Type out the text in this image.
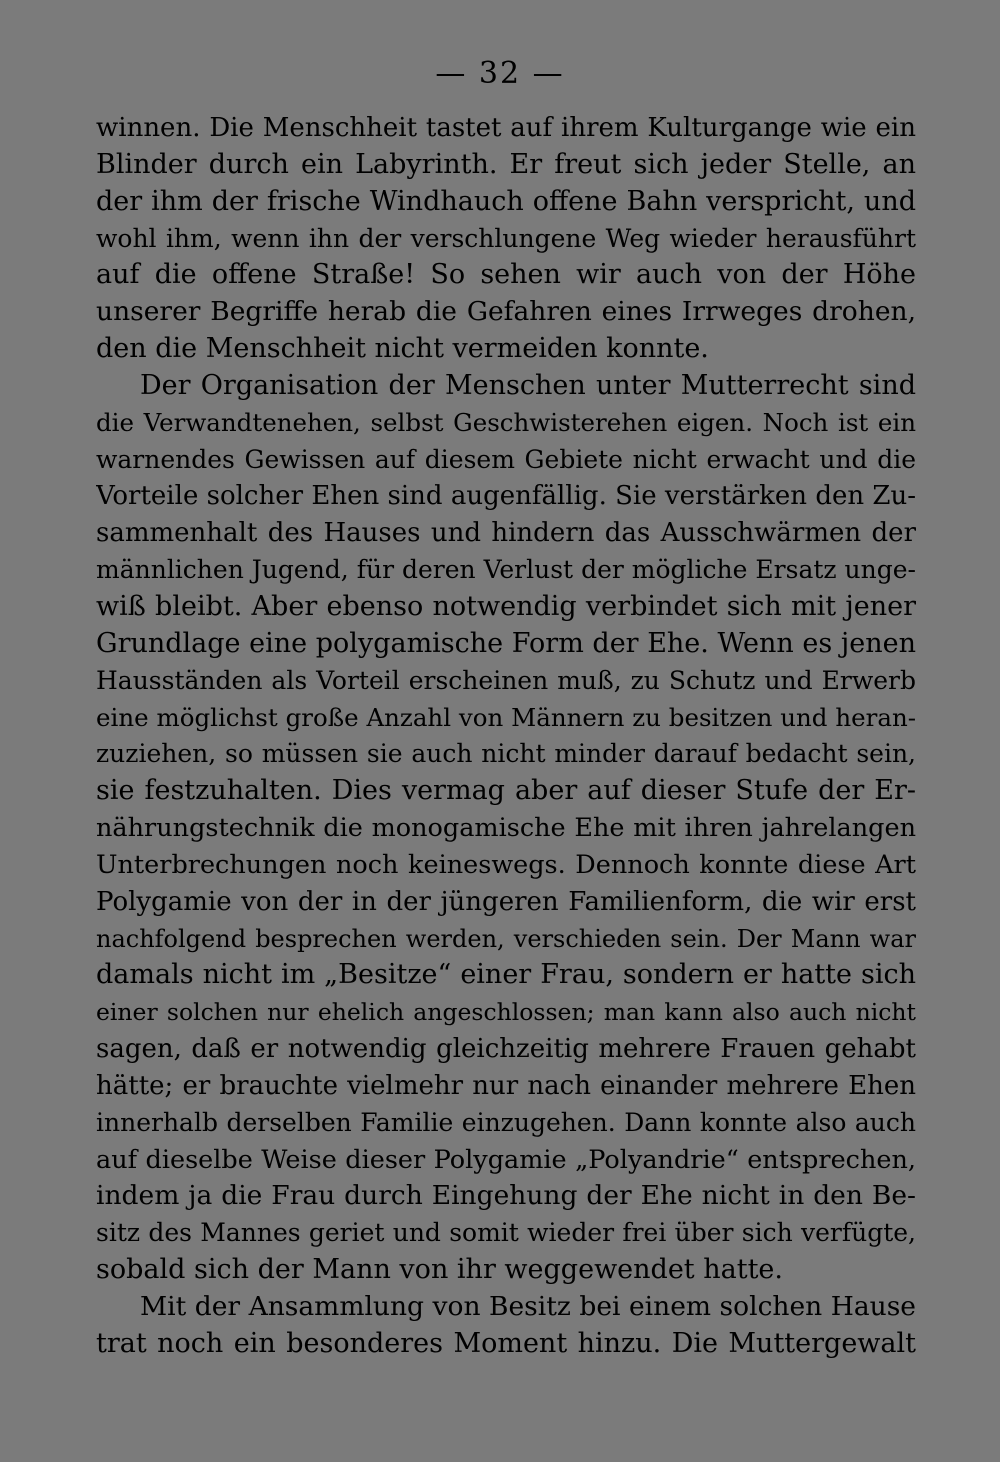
— 32 —
winnen. Die Menschheit tastet auf ihrem Kulturgange wie ein
Blinder durch ein Labyrinth. Er freut sich jeder Stelle, an
der ihm der frische Windhauch offene Bahn verspricht, und
wohl ihm, wenn ihn der verschlungene Weg wieder herausführt
auf die offene Straße! So sehen wir auch von der Höhe
unserer Begriffe herab die Gefahren eines Irrweges drohen,
den die Menschheit nicht vermeiden konnte.
Der Organisation der Menschen unter Mutterrecht sind
die Verwandtenehen, selbst Geschwisterehen eigen. Noch ist ein
warnendes Gewissen auf diesem Gebiete nicht erwacht und die
Vorteile solcher Ehen sind augenfällig. Sie verstärken den Zu-
sammenhalt des Hauses und hindern das Ausschwärmen der
männlichen Jugend, für deren Verlust der mögliche Ersatz unge-
wiß bleibt. Aber ebenso notwendig verbindet sich mit jener
Grundlage eine polygamische Form der Ehe. Wenn es jenen
Hausständen als Vorteil erscheinen muß, zu Schutz und Erwerb
eine möglichst große Anzahl von Männern zu besitzen und heran-
zuziehen, so müssen sie auch nicht minder darauf bedacht sein,
sie festzuhalten. Dies vermag aber auf dieser Stufe der Er-
nährungstechnik die monogamische Ehe mit ihren jahrelangen
Unterbrechungen noch keineswegs. Dennoch konnte diese Art
Polygamie von der in der jüngeren Familienform, die wir erst
nachfolgend besprechen werden, verschieden sein. Der Mann war
damals nicht im „Besitze“ einer Frau, sondern er hatte sich
einer solchen nur ehelich angeschlossen; man kann also auch nicht
sagen, daß er notwendig gleichzeitig mehrere Frauen gehabt
hätte; er brauchte vielmehr nur nach einander mehrere Ehen
innerhalb derselben Familie einzugehen. Dann konnte also auch
auf dieselbe Weise dieser Polygamie „Polyandrie“ entsprechen,
indem ja die Frau durch Eingehung der Ehe nicht in den Be-
sitz des Mannes geriet und somit wieder frei über sich verfügte,
sobald sich der Mann von ihr weggewendet hatte.
Mit der Ansammlung von Besitz bei einem solchen Hause
trat noch ein besonderes Moment hinzu. Die Muttergewalt
